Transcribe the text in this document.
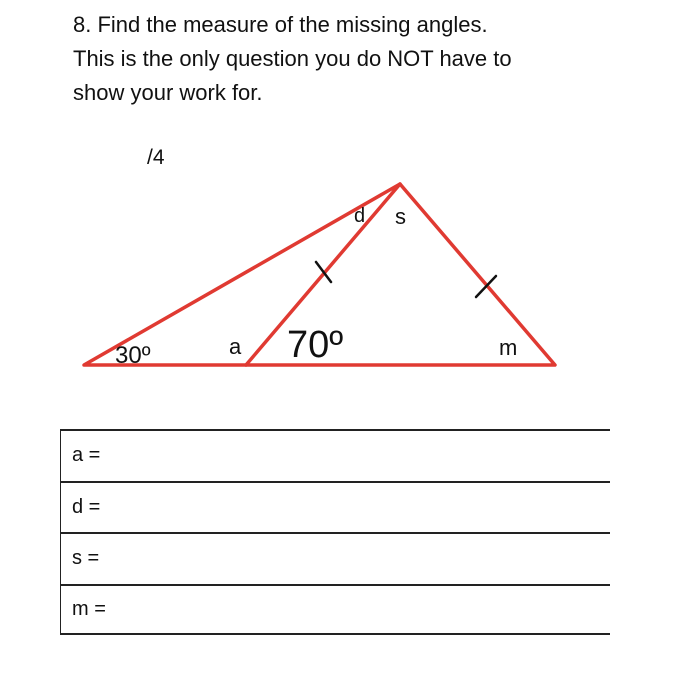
8. Find the measure of the missing angles.

This is the only question you do NOT have to

show your work for.

/4
30º	70º
a
d s
m
a =
d =
s =
m =
